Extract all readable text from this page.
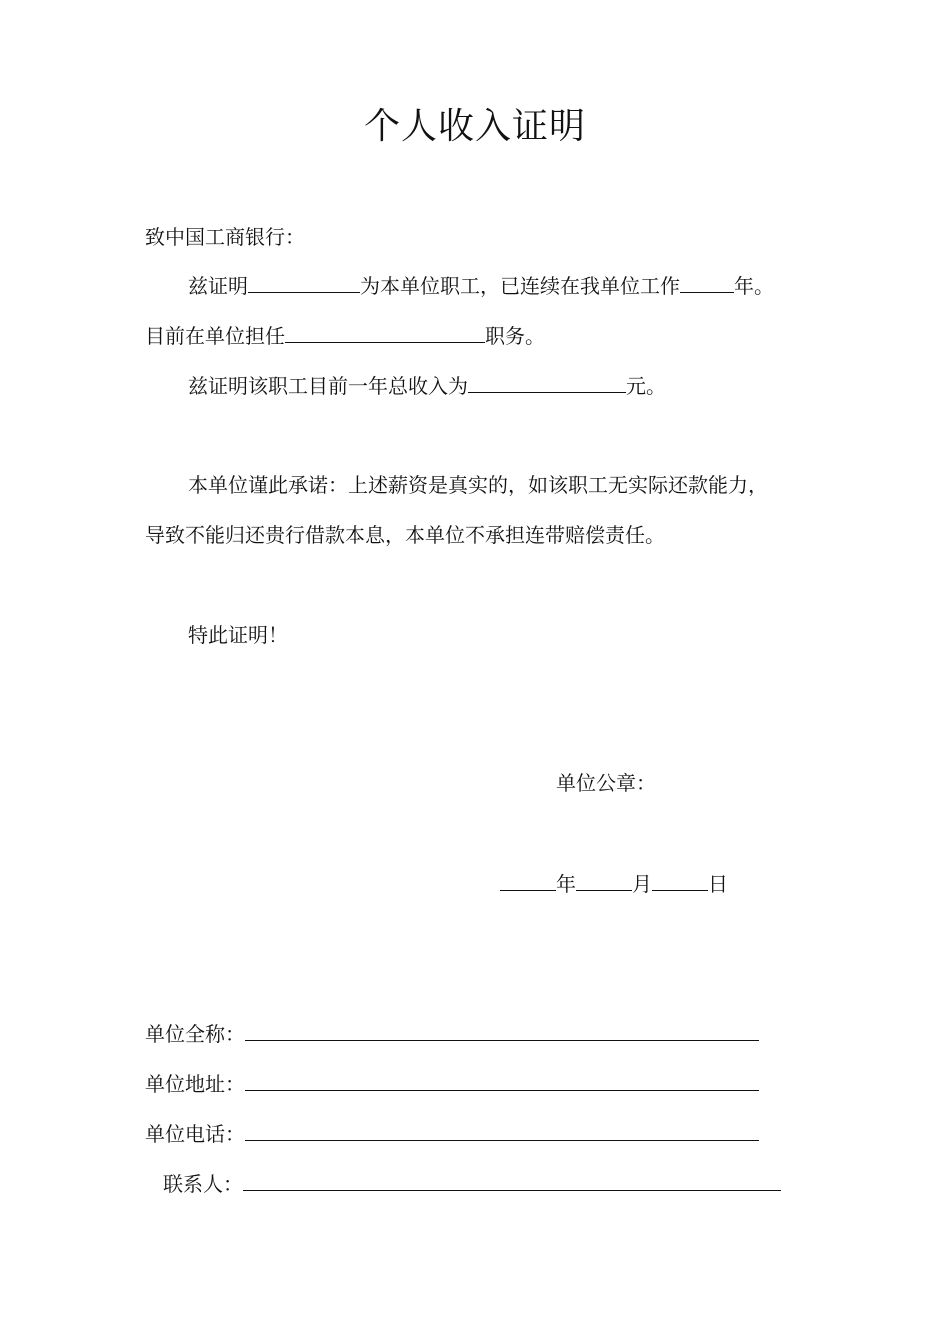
个人收入证明
致中国工商银行：
兹证明	为本单位职工，已连续在我单位工作	年。
目前在单位担任	职务。
兹证明该职工目前一年总收入为	元。
本单位谨此承诺：上述薪资是真实的，如该职工无实际还款能力，
导致不能归还贵行借款本息，本单位不承担连带赔偿责任。
特此证明！
单位公章：
年	月	日
单位全称：
单位地址：
单位电话：
联系人：
